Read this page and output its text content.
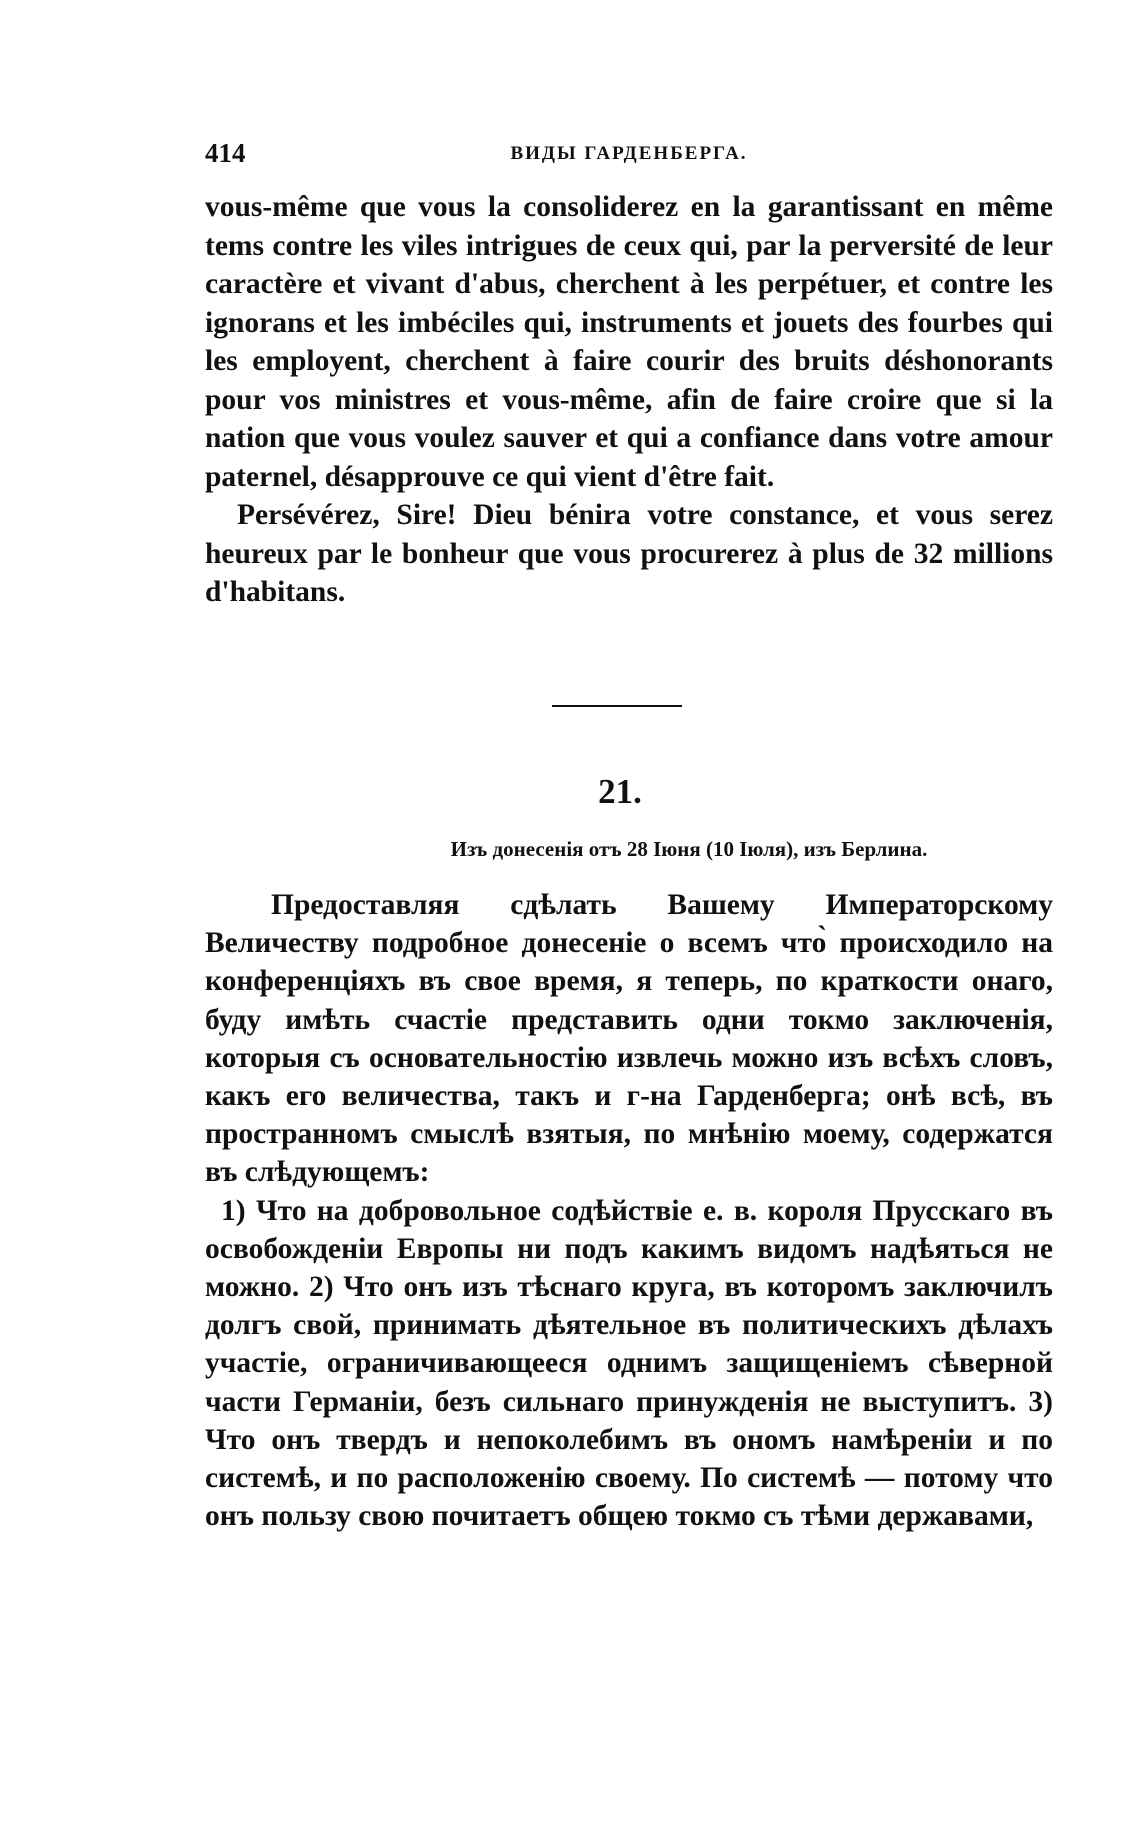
414	ВИДЫ ГАРДЕНБЕРГА.

vous-même que vous la consoliderez en la garantissant en même tems contre les viles intrigues de ceux qui, par la perversité de leur caractère et vivant d'abus, cherchent à les perpétuer, et contre les ignorans et les imbéciles qui, instruments et jouets des fourbes qui les employent, cherchent à faire courir des bruits déshonorants pour vos ministres et vous-même, afin de faire croire que si la nation que vous voulez sauver et qui a confiance dans votre amour paternel, désapprouve ce qui vient d'être fait.

Persévérez, Sire! Dieu bénira votre constance, et vous serez heureux par le bonheur que vous procurerez à plus de 32 millions d'habitans.

21.
Изъ донесенія отъ 28 Іюня (10 Іюля), изъ Берлина.

Предоставляя сдѣлать Вашему Императорскому Величеству подробное донесеніе о всемъ что̀ происходило на конференціяхъ въ свое время, я теперь, по краткости онаго, буду имѣть счастіе представить одни токмо заключенія, которыя съ основательностію извлечь можно изъ всѣхъ словъ, какъ его величества, такъ и г-на Гарденберга; онѣ всѣ, въ пространномъ смыслѣ взятыя, по мнѣнію моему, содержатся въ слѣдующемъ:

1) Что на добровольное содѣйствіе е. в. короля Прусскаго въ освобожденіи Европы ни подъ какимъ видомъ надѣяться не можно. 2) Что онъ изъ тѣснаго круга, въ которомъ заключилъ долгъ свой, принимать дѣятельное въ политическихъ дѣлахъ участіе, ограничивающееся однимъ защищеніемъ сѣверной части Германіи, безъ сильнаго принужденія не выступитъ. 3) Что онъ твердъ и непоколебимъ въ ономъ намѣреніи и по системѣ, и по расположенію своему. По системѣ — потому что онъ пользу свою почитаетъ общею токмо съ тѣми державами,
